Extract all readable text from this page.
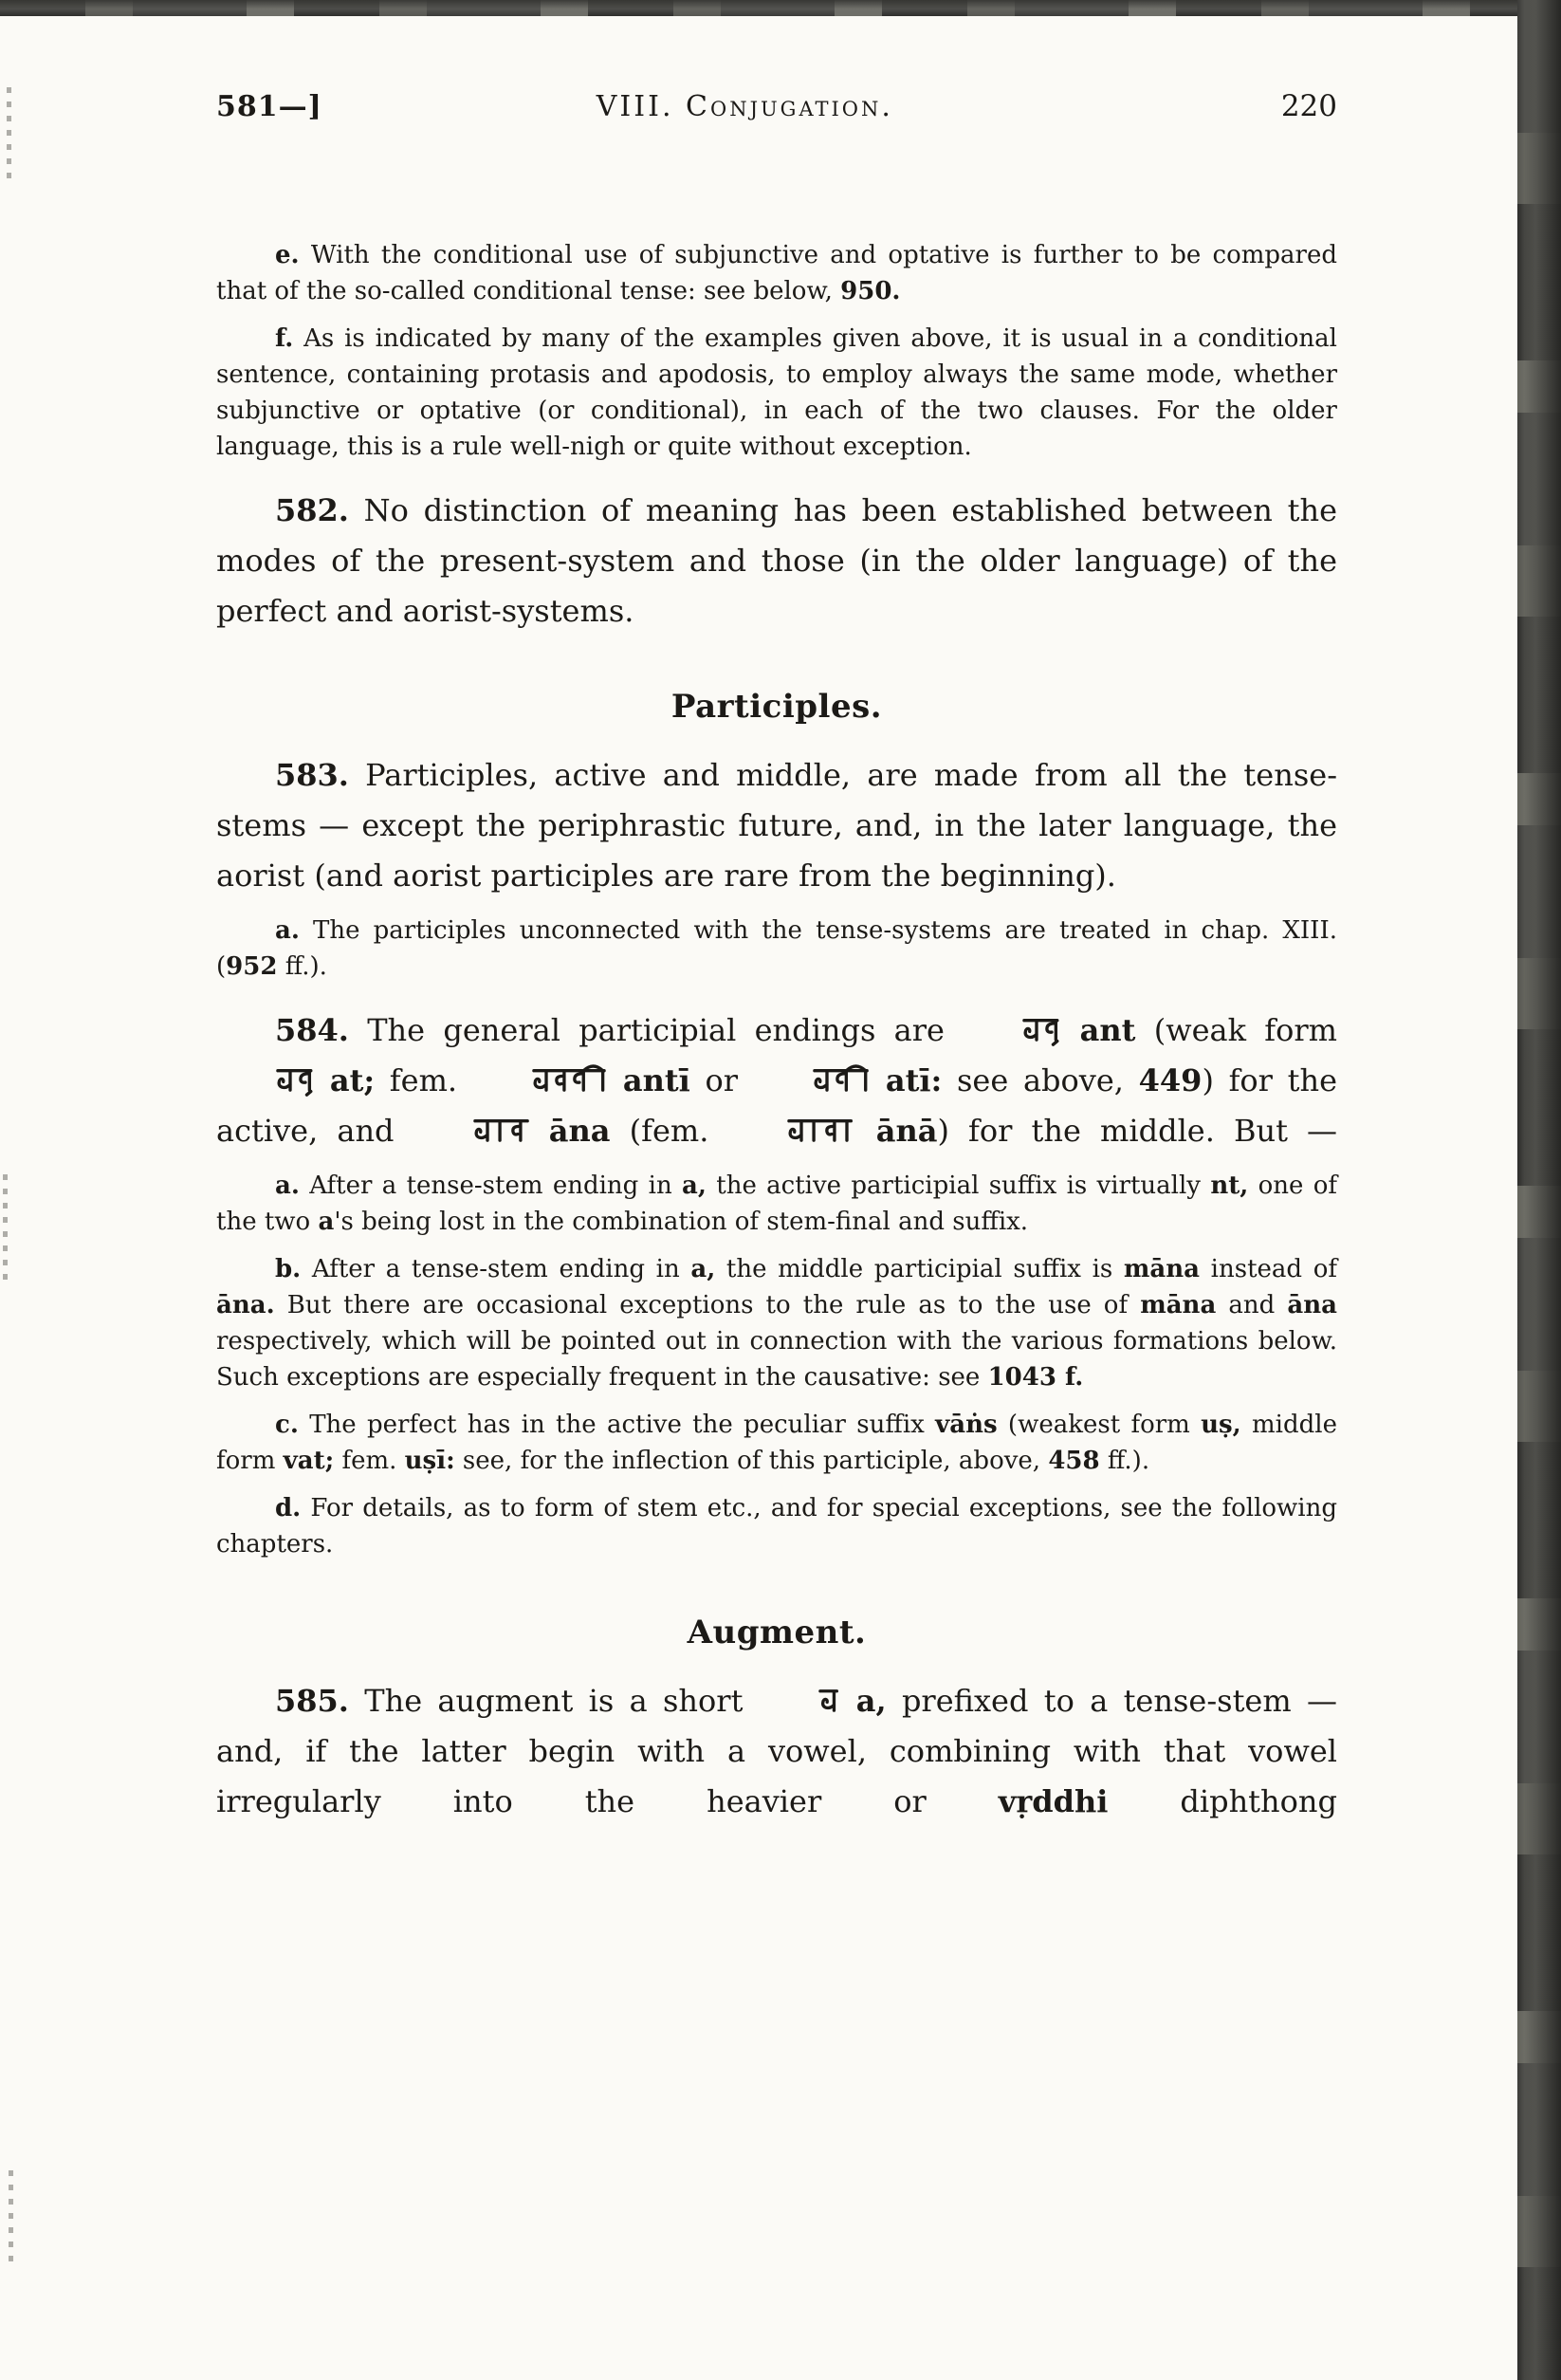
581—]	VIII. Conjugation.	220

e. With the conditional use of subjunctive and optative is further to be compared that of the so-called conditional tense: see below, 950.

f. As is indicated by many of the examples given above, it is usual in a conditional sentence, containing protasis and apodosis, to employ always the same mode, whether subjunctive or optative (or conditional), in each of the two clauses. For the older language, this is a rule well-nigh or quite without exception.

582. No distinction of meaning has been established between the modes of the present-system and those (in the older language) of the perfect and aorist-systems.

Participles.

583. Participles, active and middle, are made from all the tense-stems — except the periphrastic future, and, in the later language, the aorist (and aorist participles are rare from the beginning).

a. The participles unconnected with the tense-systems are treated in chap. XIII. (952 ff.).

584. The general participial endings are	ant (weak form  at; fem.	antī or	atī: see above, 449) for the active, and	āna (fem.	ānā) for the middle. But —

a. After a tense-stem ending in a, the active participial suffix is virtually nt, one of the two a's being lost in the combination of stem-final and suffix.

b. After a tense-stem ending in a, the middle participial suffix is māna instead of āna. But there are occasional exceptions to the rule as to the use of māna and āna respectively, which will be pointed out in connection with the various formations below. Such exceptions are especially frequent in the causative: see 1043 f.

c. The perfect has in the active the peculiar suffix vāṅs (weakest form uṣ, middle form vat; fem. uṣī: see, for the inflection of this participle, above, 458 ff.).

d. For details, as to form of stem etc., and for special exceptions, see the following chapters.

Augment.

585. The augment is a short	a, prefixed to a tense-stem — and, if the latter begin with a vowel, combining with that vowel irregularly into the heavier or vṛddhi diphthong
